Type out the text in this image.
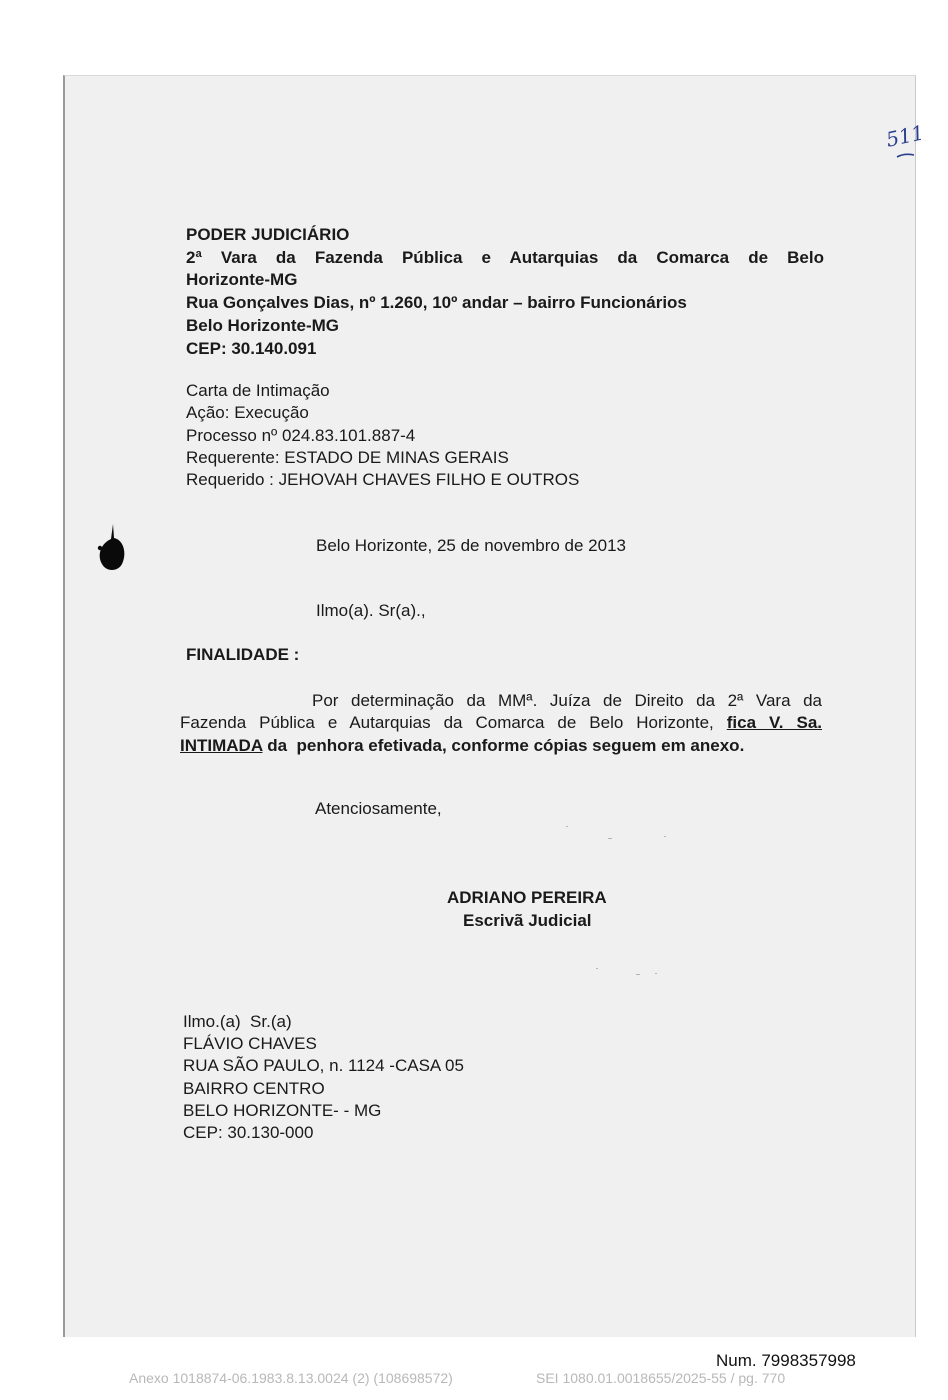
511
PODER JUDICIÁRIO
2ª Vara da Fazenda Pública e Autarquias da Comarca de Belo
Horizonte-MG
Rua Gonçalves Dias, nº 1.260, 10º andar – bairro Funcionários
Belo Horizonte-MG
CEP: 30.140.091
Carta de Intimação
Ação: Execução
Processo nº 024.83.101.887-4
Requerente: ESTADO DE MINAS GERAIS
Requerido : JEHOVAH CHAVES FILHO E OUTROS
Belo Horizonte, 25 de novembro de 2013
Ilmo(a). Sr(a).,
FINALIDADE :
Por determinação da MMª. Juíza de Direito da 2ª Vara da
Fazenda Pública e Autarquias da Comarca de Belo Horizonte, fica V. Sa.
INTIMADA da  penhora efetivada, conforme cópias seguem em anexo.
Atenciosamente,
ADRIANO PEREIRA
Escrivã Judicial
Ilmo.(a)  Sr.(a)
FLÁVIO CHAVES
RUA SÃO PAULO, n. 1124 -CASA 05
BAIRRO CENTRO
BELO HORIZONTE- - MG
CEP: 30.130-000
Num. 7998357998
Anexo 1018874-06.1983.8.13.0024 (2) (108698572)	SEI 1080.01.0018655/2025-55 / pg. 770
